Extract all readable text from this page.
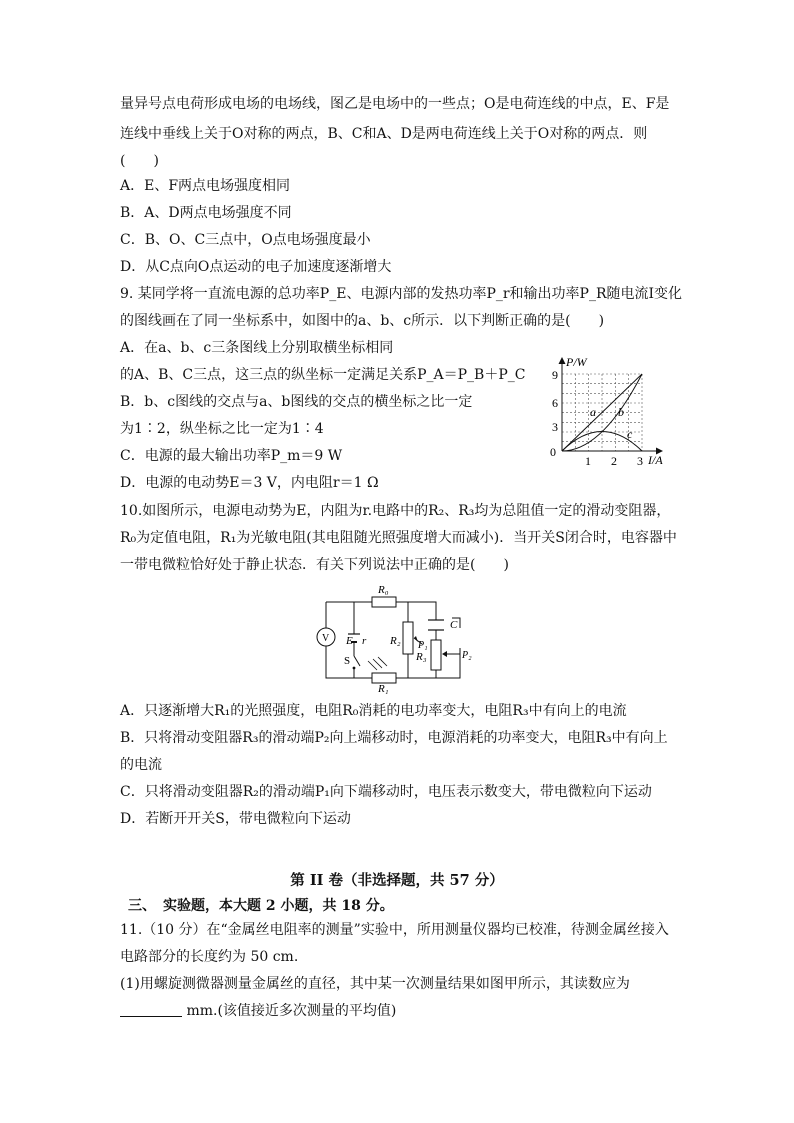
量异号点电荷形成电场的电场线，图乙是电场中的一些点；O是电荷连线的中点，E、F是
连线中垂线上关于O对称的两点，B、C和A、D是两电荷连线上关于O对称的两点．则
(　　)
A．E、F两点电场强度相同
B．A、D两点电场强度不同
C．B、O、C三点中，O点电场强度最小
D．从C点向O点运动的电子加速度逐渐增大
9. 某同学将一直流电源的总功率P_E、电源内部的发热功率P_r和输出功率P_R随电流I变化
的图线画在了同一坐标系中，如图中的a、b、c所示．以下判断正确的是(　　)
A．在a、b、c三条图线上分别取横坐标相同
的A、B、C三点，这三点的纵坐标一定满足关系P_A＝P_B＋P_C
B．b、c图线的交点与a、b图线的交点的横坐标之比一定
为1∶2，纵坐标之比一定为1∶4
C．电源的最大输出功率P_m＝9 W
D．电源的电动势E＝3 V，内电阻r＝1 Ω
P/W
I/A
0
3
6
9
1 2 3
a b
c
10.如图所示，电源电动势为E，内阻为r.电路中的R₂、R₃均为总阻值一定的滑动变阻器，
R₀为定值电阻，R₁为光敏电阻(其电阻随光照强度增大而减小)．当开关S闭合时，电容器中
一带电微粒恰好处于静止状态．有关下列说法中正确的是(　　)
V
R₀
R₁
R₂
R₃
C
E r
S
P₁
P₂
A．只逐渐增大R₁的光照强度，电阻R₀消耗的电功率变大，电阻R₃中有向上的电流
B．只将滑动变阻器R₃的滑动端P₂向上端移动时，电源消耗的功率变大，电阻R₃中有向上
的电流
C．只将滑动变阻器R₂的滑动端P₁向下端移动时，电压表示数变大，带电微粒向下运动
D．若断开开关S，带电微粒向下运动
第 II 卷（非选择题，共 57 分）
三、　实验题，本大题 2 小题，共 18 分。
11.（10 分）在“金属丝电阻率的测量”实验中，所用测量仪器均已校准，待测金属丝接入
电路部分的长度约为 50 cm.
(1)用螺旋测微器测量金属丝的直径，其中某一次测量结果如图甲所示，其读数应为
mm.(该值接近多次测量的平均值)
